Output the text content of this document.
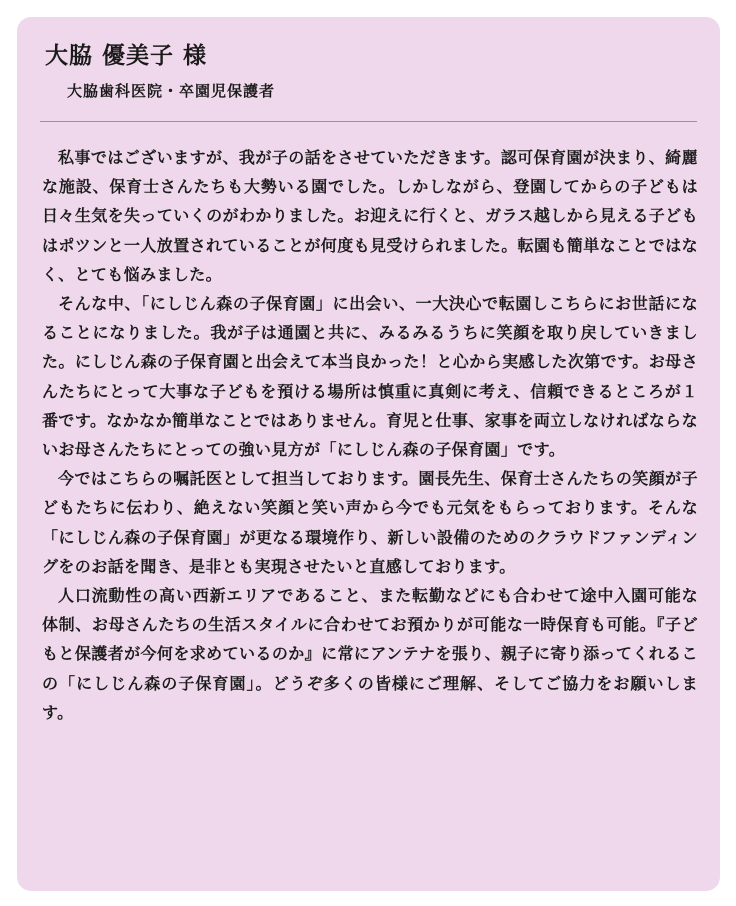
大脇 優美子 様
大脇歯科医院・卒園児保護者

私事ではございますが、我が子の話をさせていただきます。認可保育園が決まり、綺麗な施設、保育士さんたちも大勢いる園でした。しかしながら、登園してからの子どもは日々生気を失っていくのがわかりました。お迎えに行くと、ガラス越しから見える子どもはポツンと一人放置されていることが何度も見受けられました。転園も簡単なことではなく、とても悩みました。

そんな中、「にしじん森の子保育園」に出会い、一大決心で転園しこちらにお世話になることになりました。我が子は通園と共に、みるみるうちに笑顔を取り戻していきました。にしじん森の子保育園と出会えて本当良かった！と心から実感した次第です。お母さんたちにとって大事な子どもを預ける場所は慎重に真剣に考え、信頼できるところが１番です。なかなか簡単なことではありません。育児と仕事、家事を両立しなければならないお母さんたちにとっての強い見方が「にしじん森の子保育園」です。

今ではこちらの嘱託医として担当しております。園長先生、保育士さんたちの笑顔が子どもたちに伝わり、絶えない笑顔と笑い声から今でも元気をもらっております。そんな「にしじん森の子保育園」が更なる環境作り、新しい設備のためのクラウドファンディングをのお話を聞き、是非とも実現させたいと直感しております。

人口流動性の高い西新エリアであること、また転勤などにも合わせて途中入園可能な体制、お母さんたちの生活スタイルに合わせてお預かりが可能な一時保育も可能。『子どもと保護者が今何を求めているのか』に常にアンテナを張り、親子に寄り添ってくれるこの「にしじん森の子保育園」。どうぞ多くの皆様にご理解、そしてご協力をお願いします。
